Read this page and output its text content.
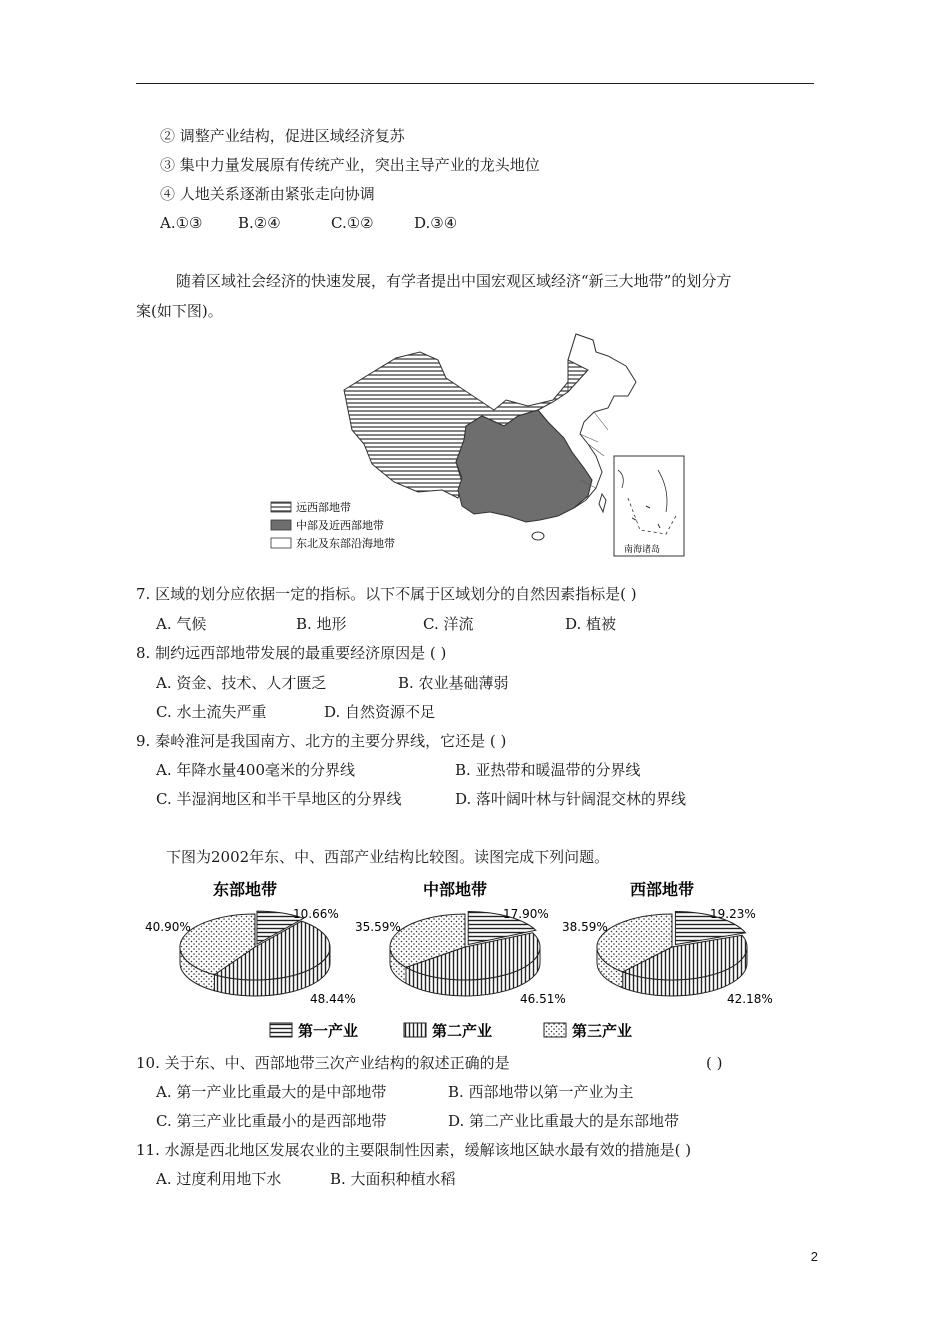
② 调整产业结构，促进区域经济复苏
③ 集中力量发展原有传统产业，突出主导产业的龙头地位
④ 人地关系逐渐由紧张走向协调
A.①③ B.②④	C.①②	D.③④
随着区域社会经济的快速发展，有学者提出中国宏观区域经济“新三大地带”的划分方
案(如下图)。
远西部地带
中部及近西部地带
东北及东部沿海地带	南海诸岛
7. 区域的划分应依据一定的指标。以下不属于区域划分的自然因素指标是( )
A. 气候	B. 地形	C. 洋流	D. 植被
8. 制约远西部地带发展的最重要经济原因是 ( )
A. 资金、技术、人才匮乏	B. 农业基础薄弱
C. 水土流失严重	D. 自然资源不足
9. 秦岭淮河是我国南方、北方的主要分界线，它还是 ( )
A. 年降水量400毫米的分界线	B. 亚热带和暖温带的分界线
C. 半湿润地区和半干旱地区的分界线	D. 落叶阔叶林与针阔混交林的界线
下图为2002年东、中、西部产业结构比较图。读图完成下列问题。
东部地带
10.66%
48.44%
40.90%
中部地带
17.90%
46.51%
35.59%
西部地带
19.23%
42.18%
38.59%
第一产业	第二产业	第三产业
10. 关于东、中、西部地带三次产业结构的叙述正确的是	( )
A. 第一产业比重最大的是中部地带	B. 西部地带以第一产业为主
C. 第三产业比重最小的是西部地带	D. 第二产业比重最大的是东部地带
11. 水源是西北地区发展农业的主要限制性因素，缓解该地区缺水最有效的措施是( )
A. 过度利用地下水	B. 大面积种植水稻
2
